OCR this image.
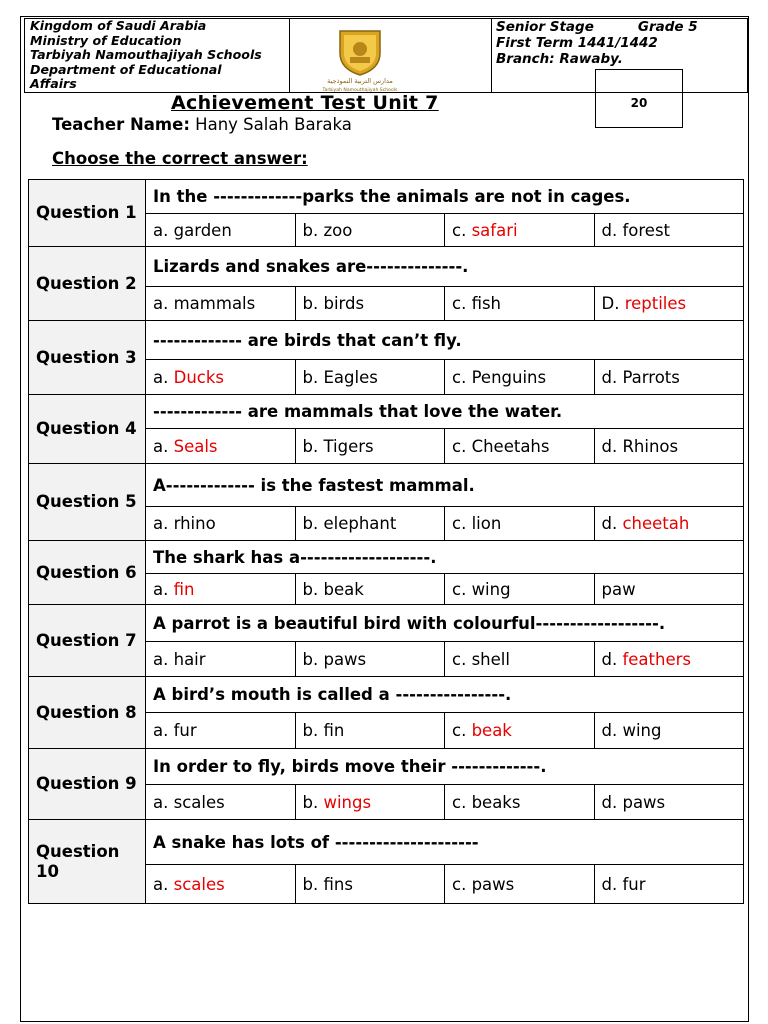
Kingdom of Saudi Arabia
Ministry of Education
Tarbiyah Namouthajiyah Schools
Department of Educational
Affairs	مدارس التربية النموذجية
Tarbiyah Namouthajiyah Schools
Senior Stage	Grade 5
First Term 1441/1442
Branch: Rawaby.
20
Achievement Test Unit 7
Teacher Name: Hany Salah Baraka
Choose the correct answer:
Question 1	In the -------------parks the animals are not in cages.			
	a. garden	b. zoo	c. safari	d. forest
Question 2	Lizards and snakes are--------------.			
	a. mammals	b. birds	c. fish	D. reptiles
Question 3	------------- are birds that can’t fly.			
	a. Ducks	b. Eagles	c. Penguins	d. Parrots
Question 4	------------- are mammals that love the water.			
	a. Seals	b. Tigers	c. Cheetahs	d. Rhinos
Question 5	A------------- is the fastest mammal.			
	a. rhino	b. elephant	c. lion	d. cheetah
Question 6	The shark has a-------------------.			
	a. fin	b. beak	c. wing	paw
Question 7	A parrot is a beautiful bird with colourful------------------.			
	a. hair	b. paws	c. shell	d. feathers
Question 8	A bird’s mouth is called a ----------------.			
	a. fur	b. fin	c. beak	d. wing
Question 9	In order to fly, birds move their -------------.			
	a. scales	b. wings	c. beaks	d. paws
Question 10	A snake has lots of ---------------------			
	a. scales	b. fins	c. paws	d. fur
